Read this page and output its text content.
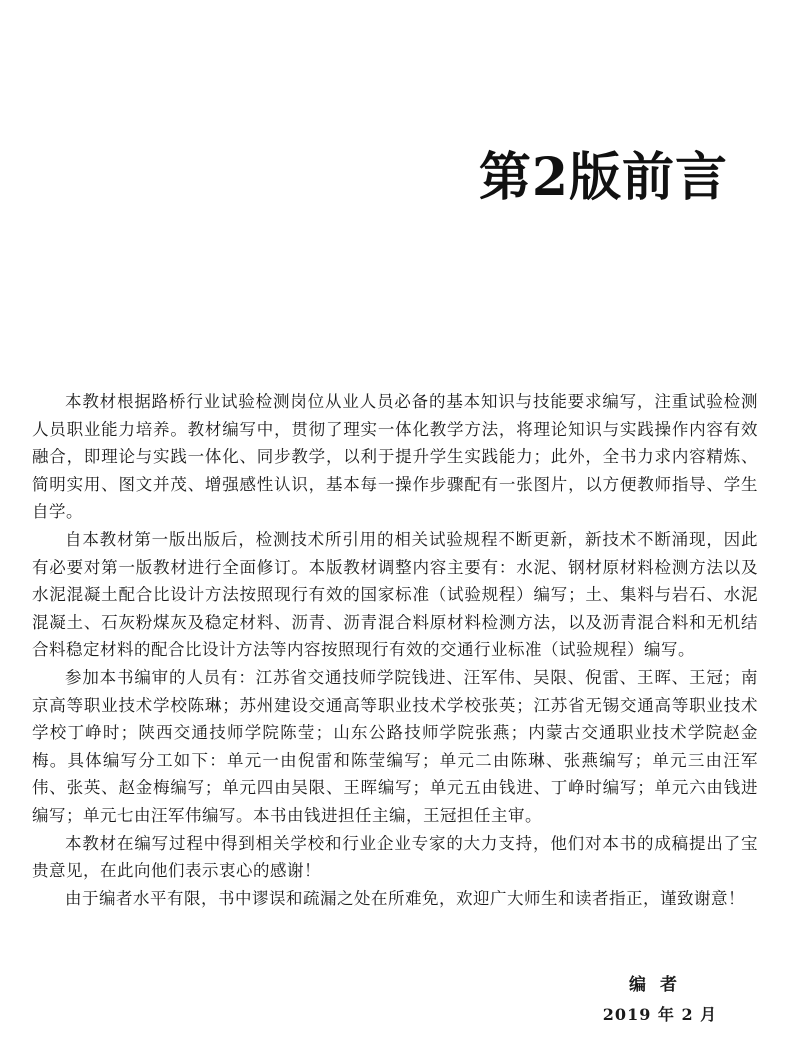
第2版前言

本教材根据路桥行业试验检测岗位从业人员必备的基本知识与技能要求编写，注重试验检测人员职业能力培养。教材编写中，贯彻了理实一体化教学方法，将理论知识与实践操作内容有效融合，即理论与实践一体化、同步教学，以利于提升学生实践能力；此外，全书力求内容精炼、简明实用、图文并茂、增强感性认识，基本每一操作步骤配有一张图片，以方便教师指导、学生自学。

自本教材第一版出版后，检测技术所引用的相关试验规程不断更新，新技术不断涌现，因此有必要对第一版教材进行全面修订。本版教材调整内容主要有：水泥、钢材原材料检测方法以及水泥混凝土配合比设计方法按照现行有效的国家标准（试验规程）编写；土、集料与岩石、水泥混凝土、石灰粉煤灰及稳定材料、沥青、沥青混合料原材料检测方法，以及沥青混合料和无机结合料稳定材料的配合比设计方法等内容按照现行有效的交通行业标准（试验规程）编写。

参加本书编审的人员有：江苏省交通技师学院钱进、汪军伟、吴限、倪雷、王晖、王冠；南京高等职业技术学校陈琳；苏州建设交通高等职业技术学校张英；江苏省无锡交通高等职业技术学校丁峥时；陕西交通技师学院陈莹；山东公路技师学院张燕；内蒙古交通职业技术学院赵金梅。具体编写分工如下：单元一由倪雷和陈莹编写；单元二由陈琳、张燕编写；单元三由汪军伟、张英、赵金梅编写；单元四由吴限、王晖编写；单元五由钱进、丁峥时编写；单元六由钱进编写；单元七由汪军伟编写。本书由钱进担任主编，王冠担任主审。

本教材在编写过程中得到相关学校和行业企业专家的大力支持，他们对本书的成稿提出了宝贵意见，在此向他们表示衷心的感谢！

由于编者水平有限，书中谬误和疏漏之处在所难免，欢迎广大师生和读者指正，谨致谢意！

编者

2019 年 2 月
